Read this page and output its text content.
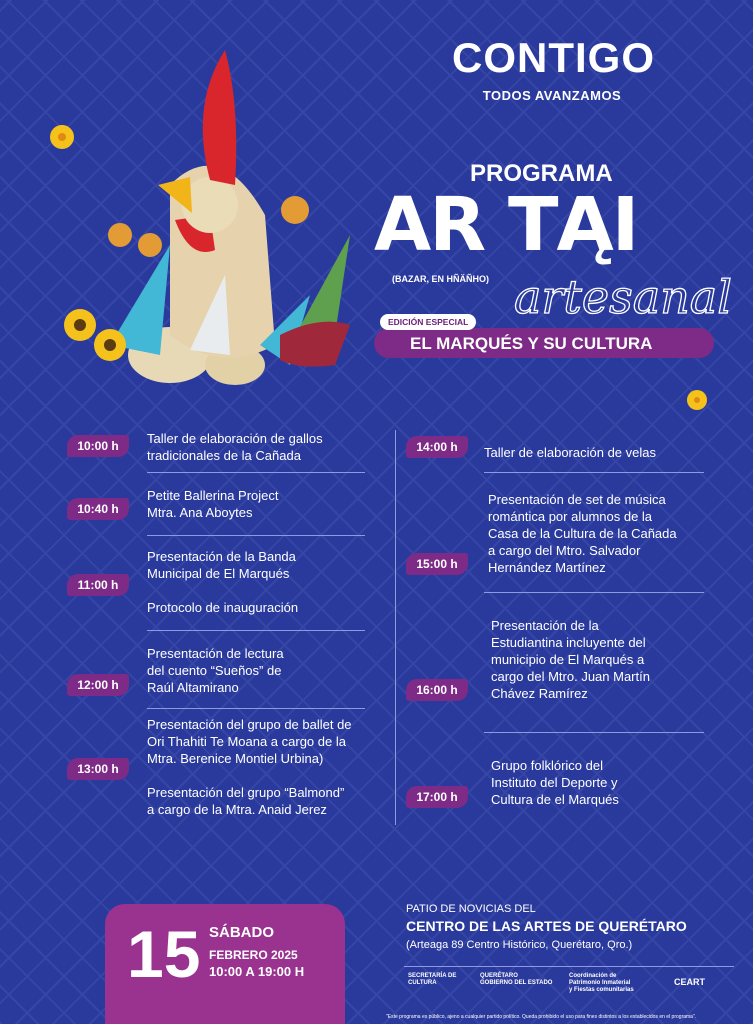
CONTIGO
TODOS AVANZAMOS
PROGRAMA
AR TĄI
(BAZAR, EN HÑÄÑHO) artesanal
EL MARQUÉS Y SU CULTURA
EDICIÓN ESPECIAL
10:00 h	Taller de elaboración de gallos
tradicionales de la Cañada
10:40 h
Petite Ballerina Project
Mtra. Ana Aboytes
11:00 h
Presentación de la Banda
Municipal de El Marqués

Protocolo de inauguración
12:00 h
Presentación de lectura
del cuento “Sueños” de
Raúl Altamirano
13:00 h
Presentación del grupo de ballet de
Ori Thahiti Te Moana a cargo de la
Mtra. Berenice Montiel Urbina)

Presentación del grupo “Balmond”
a cargo de la Mtra. Anaid Jerez
14:00 h	Taller de elaboración de velas
15:00 h
Presentación de set de música
romántica por alumnos de la
Casa de la Cultura de la Cañada
a cargo del Mtro. Salvador
Hernández Martínez
16:00 h
Presentación de la
Estudiantina incluyente del
municipio de El Marqués a
cargo del Mtro. Juan Martín
Chávez Ramírez
17:00 h
Grupo folklórico del
Instituto del Deporte y
Cultura de el Marqués
15 SÁBADO
FEBRERO 2025
10:00 A 19:00 H
PATIO DE NOVICIAS DEL
CENTRO DE LAS ARTES DE QUERÉTARO
(Arteaga 89 Centro Histórico, Querétaro, Qro.)
SECRETARÍA DE
CULTURA
QUERÉTARO
GOBIERNO DEL ESTADO
Coordinación de
Patrimonio Inmaterial
y Fiestas comunitarias
CEART
"Este programa es público, ajeno a cualquier partido político. Queda prohibido el uso para fines distintos a los establecidos en el programa".
